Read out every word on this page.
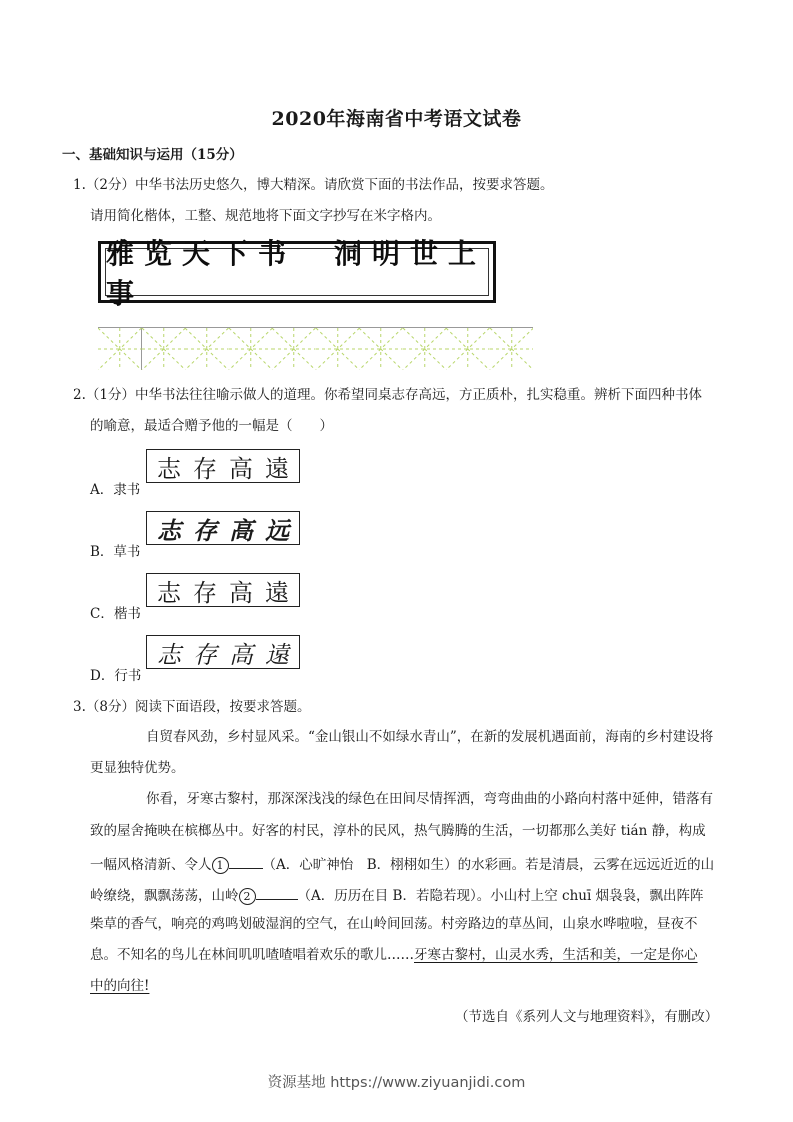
2020年海南省中考语文试卷
一、基础知识与运用（15分）
1.（2分）中华书法历史悠久，博大精深。请欣赏下面的书法作品，按要求答题。
请用简化楷体，工整、规范地将下面文字抄写在米字格内。
雅览天下书　洞明世上事
2.（1分）中华书法往往喻示做人的道理。你希望同桌志存高远，方正质朴，扎实稳重。辨析下面四种书体
的喻意，最适合赠予他的一幅是（　　）
A．隶书
志 存 高 遠
B．草书
志 存 高 远
C．楷书
志 存 高 遠
D．行书
志 存 高 遠
3.（8分）阅读下面语段，按要求答题。
自贸春风劲，乡村显风采。“金山银山不如绿水青山”，在新的发展机遇面前，海南的乡村建设将
更显独特优势。
你看，牙寒古黎村，那深深浅浅的绿色在田间尽情挥洒，弯弯曲曲的小路向村落中延伸，错落有
致的屋舍掩映在槟榔丛中。好客的村民，淳朴的民风，热气腾腾的生活，一切都那么美好 tián 静，构成
一幅风格清新、令人 1	（A．心旷神怡　B．栩栩如生）的水彩画。若是清晨，云雾在远远近近的山
岭缭绕，飘飘荡荡，山岭 2	（A．历历在目 B．若隐若现）。小山村上空 chuī 烟袅袅，飘出阵阵
柴草的香气，响亮的鸡鸣划破湿润的空气，在山岭间回荡。村旁路边的草丛间，山泉水哗啦啦，昼夜不
息。不知名的鸟儿在林间叽叽喳喳唱着欢乐的歌儿……牙寒古黎村，山灵水秀，生活和美，一定是你心
中的向往!
（节选自《系列人文与地理资料》，有删改）
资源基地 https://www.ziyuanjidi.com
